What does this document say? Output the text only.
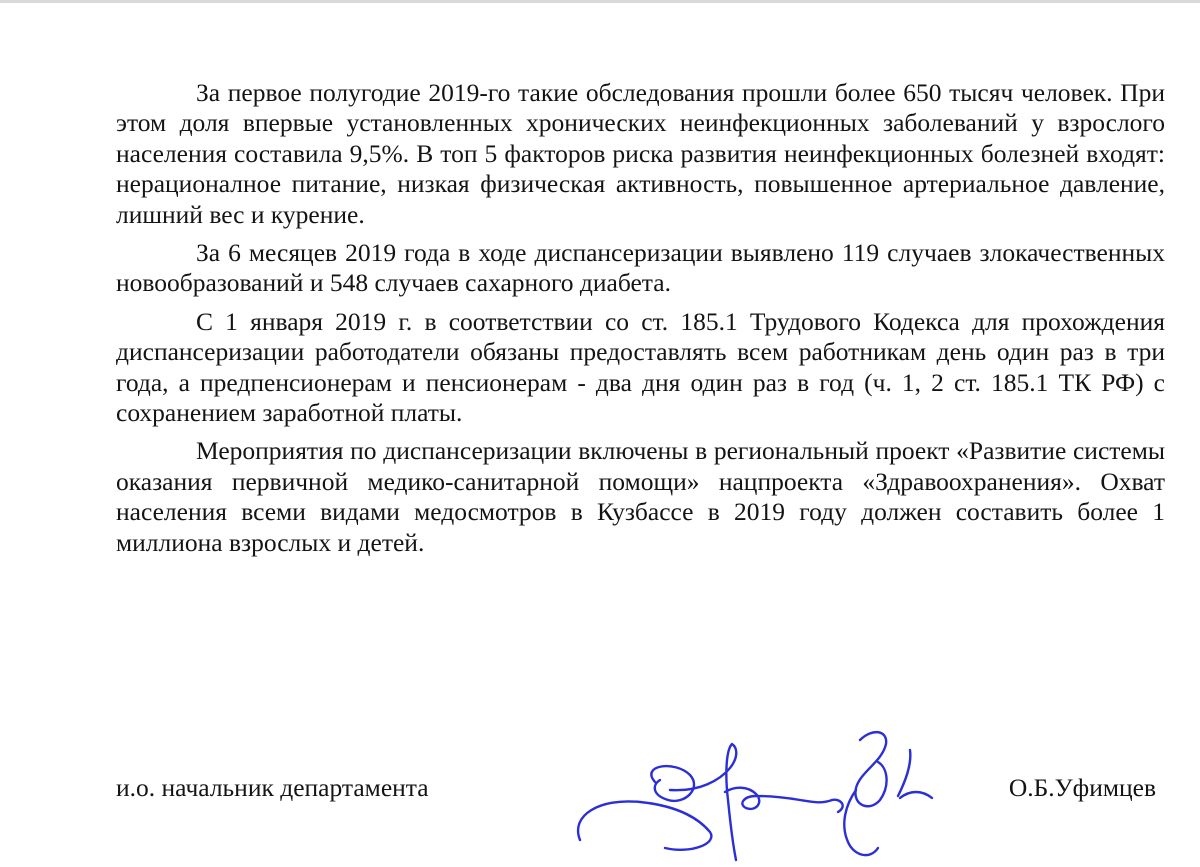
За первое полугодие 2019-го такие обследования прошли более 650 тысяч человек. При этом доля впервые установленных хронических неинфекционных заболеваний у взрослого населения составила 9,5%. В топ 5 факторов риска развития неинфекционных болезней входят: нерационалное питание, низкая физическая активность, повышенное артериальное давление, лишний вес и курение.

За 6 месяцев 2019 года в ходе диспансеризации выявлено 119 случаев злокачественных новообразований и 548 случаев сахарного диабета.

С 1 января 2019 г. в соответствии со ст. 185.1 Трудового Кодекса для прохождения диспансеризации работодатели обязаны предоставлять всем работникам день один раз в три года, а предпенсионерам и пенсионерам - два дня один раз в год (ч. 1, 2 ст. 185.1 ТК РФ) с сохранением заработной платы.

Мероприятия по диспансеризации включены в региональный проект «Развитие системы оказания первичной медико-санитарной помощи» нацпроекта «Здравоохранения». Охват населения всеми видами медосмотров в Кузбассе в 2019 году должен составить более 1 миллиона взрослых и детей.

и.о. начальник департамента	О.Б.Уфимцев
